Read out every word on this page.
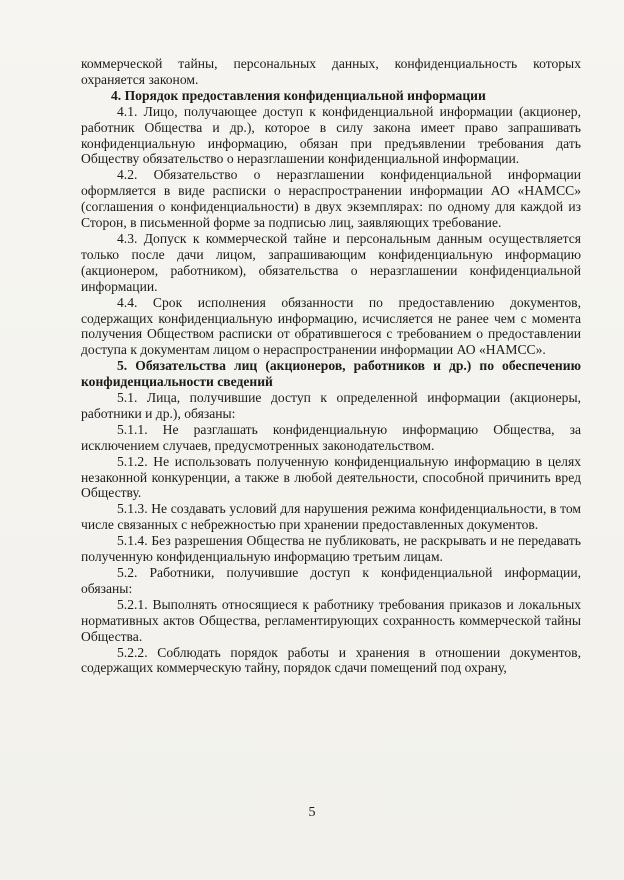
коммерческой тайны, персональных данных, конфиденциальность которых охраняется законом.

4. Порядок предоставления конфиденциальной информации

4.1. Лицо, получающее доступ к конфиденциальной информации (акционер, работник Общества и др.), которое в силу закона имеет право запрашивать конфиденциальную информацию, обязан при предъявлении требования дать Обществу обязательство о неразглашении конфиденциальной информации.

4.2. Обязательство о неразглашении конфиденциальной информации оформляется в виде расписки о нераспространении информации АО «НАМСС» (соглашения о конфиденциальности) в двух экземплярах: по одному для каждой из Сторон, в письменной форме за подписью лиц, заявляющих требование.

4.3. Допуск к коммерческой тайне и персональным данным осуществляется только после дачи лицом, запрашивающим конфиденциальную информацию (акционером, работником), обязательства о неразглашении конфиденциальной информации.

4.4. Срок исполнения обязанности по предоставлению документов, содержащих конфиденциальную информацию, исчисляется не ранее чем с момента получения Обществом расписки от обратившегося с требованием о предоставлении доступа к документам лицом о нераспространении информации АО «НАМСС».

5. Обязательства лиц (акционеров, работников и др.) по обеспечению конфиденциальности сведений

5.1. Лица, получившие доступ к определенной информации (акционеры, работники и др.), обязаны:

5.1.1. Не разглашать конфиденциальную информацию Общества, за исключением случаев, предусмотренных законодательством.

5.1.2. Не использовать полученную конфиденциальную информацию в целях незаконной конкуренции, а также в любой деятельности, способной причинить вред Обществу.

5.1.3. Не создавать условий для нарушения режима конфиденциальности, в том числе связанных с небрежностью при хранении предоставленных документов.

5.1.4. Без разрешения Общества не публиковать, не раскрывать и не передавать полученную конфиденциальную информацию третьим лицам.

5.2. Работники, получившие доступ к конфиденциальной информации, обязаны:

5.2.1. Выполнять относящиеся к работнику требования приказов и локальных нормативных актов Общества, регламентирующих сохранность коммерческой тайны Общества.

5.2.2. Соблюдать порядок работы и хранения в отношении документов, содержащих коммерческую тайну, порядок сдачи помещений под охрану,

5
